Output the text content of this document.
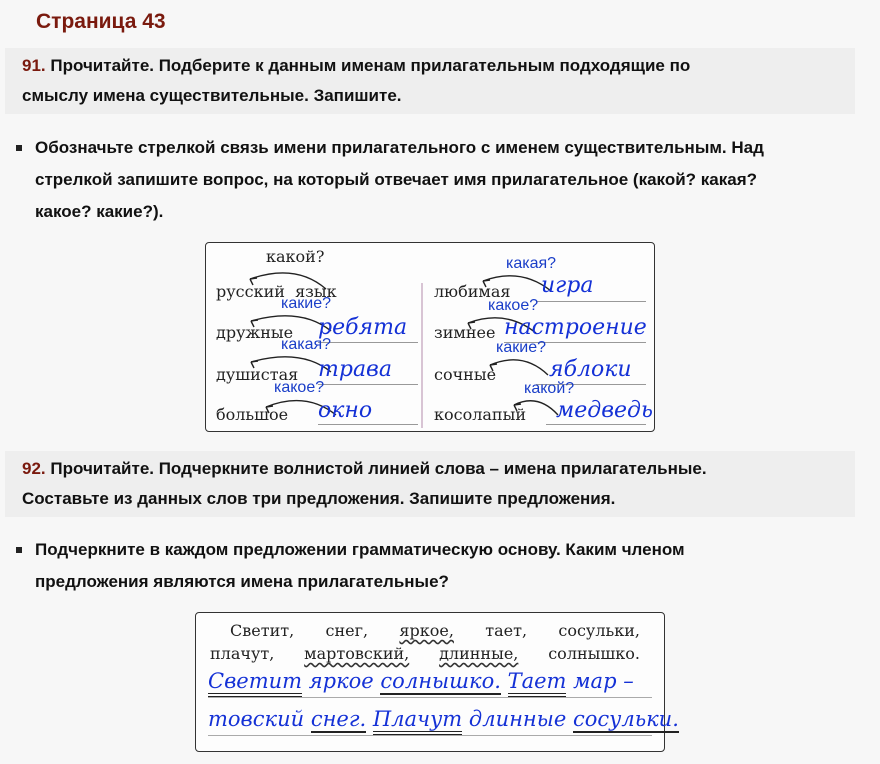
Страница 43
91. Прочитайте. Подберите к данным именам прилагательным подходящие по
смыслу имена существительные. Запишите.
Обозначьте стрелкой связь имени прилагательного с именем существительным. Над
стрелкой запишите вопрос, на который отвечает имя прилагательное (какой? какая?
какое? какие?).
какой?
русский язык
какие?
дружные ребята
какая?
душистая трава
какое?
большое окно
какая?
любимая игра
какое?
зимнее настроение
какие?
сочные яблоки
какой?
косолапый медведь
92. Прочитайте. Подчеркните волнистой линией слова – имена прилагательные.
Составьте из данных слов три предложения. Запишите предложения.
Подчеркните в каждом предложении грамматическую основу. Каким членом
предложения являются имена прилагательные?
Светит, снег, яркое, тает, сосульки,
плачут, мартовский, длинные, солнышко.
Светит яркое солнышко. Тает мар –
товский снег. Плачут длинные сосульки.
